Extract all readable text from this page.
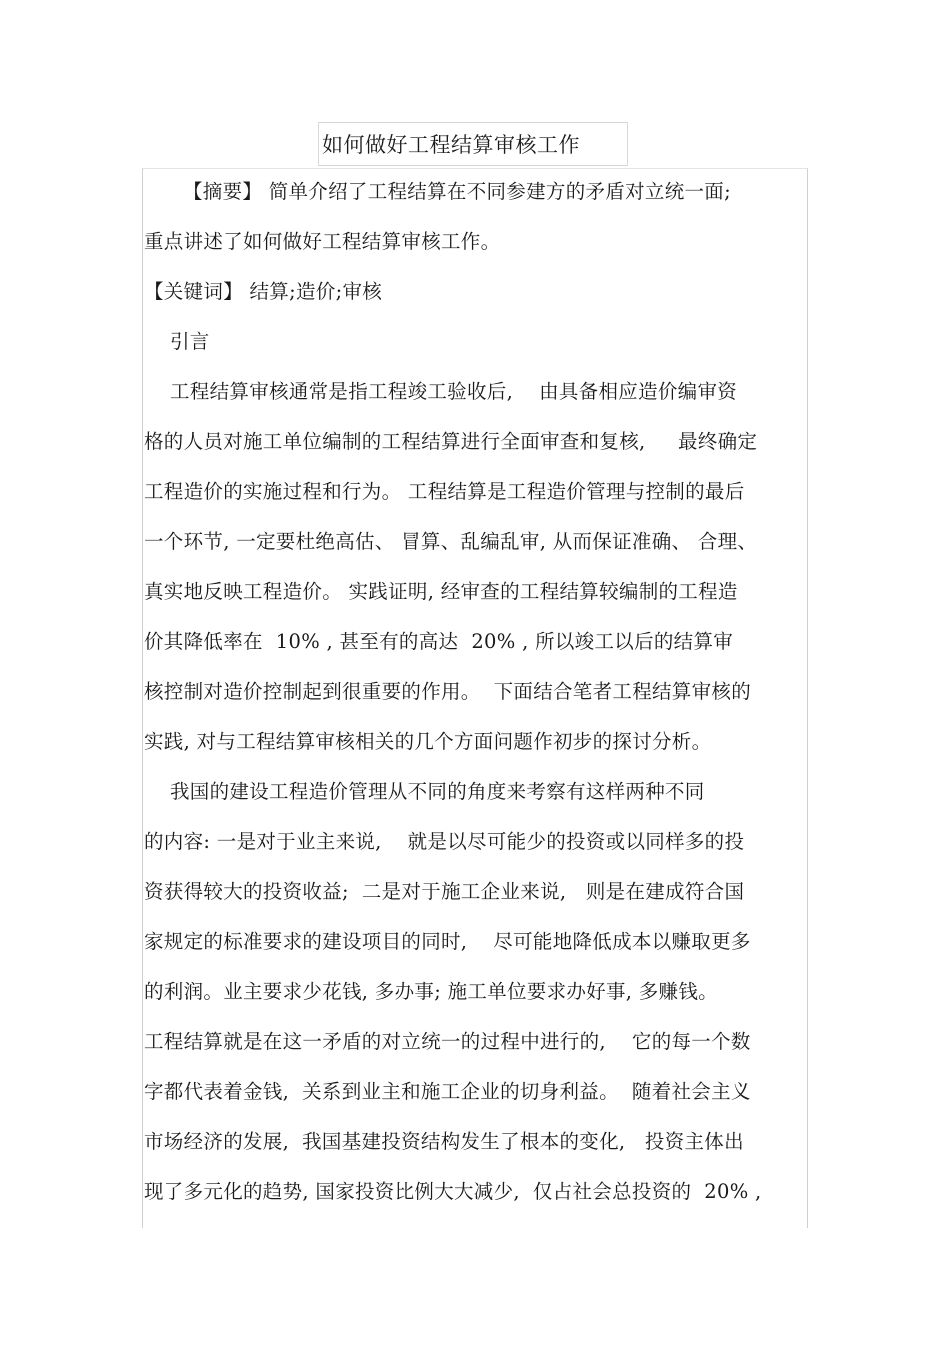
如何做好工程结算审核工作
【摘要】 简单介绍了工程结算在不同参建方的矛盾对立统一面;
重点讲述了如何做好工程结算审核工作。
【关键词】 结算;造价;审核
引言
工程结算审核通常是指工程竣工验收后,    由具备相应造价编审资
格的人员对施工单位编制的工程结算进行全面审查和复核,     最终确定
工程造价的实施过程和行为。 工程结算是工程造价管理与控制的最后
一个环节, 一定要杜绝高估、 冒算、乱编乱审, 从而保证准确、 合理、
真实地反映工程造价。 实践证明, 经审查的工程结算较编制的工程造
价其降低率在  10% , 甚至有的高达  20% , 所以竣工以后的结算审
核控制对造价控制起到很重要的作用。  下面结合笔者工程结算审核的
实践, 对与工程结算审核相关的几个方面问题作初步的探讨分析。
我国的建设工程造价管理从不同的角度来考察有这样两种不同
的内容: 一是对于业主来说,    就是以尽可能少的投资或以同样多的投
资获得较大的投资收益;  二是对于施工企业来说,   则是在建成符合国
家规定的标准要求的建设项目的同时,    尽可能地降低成本以赚取更多
的利润。业主要求少花钱, 多办事; 施工单位要求办好事, 多赚钱。
工程结算就是在这一矛盾的对立统一的过程中进行的,    它的每一个数
字都代表着金钱,  关系到业主和施工企业的切身利益。  随着社会主义
市场经济的发展,  我国基建投资结构发生了根本的变化,   投资主体出
现了多元化的趋势, 国家投资比例大大减少,  仅占社会总投资的  20% ,
